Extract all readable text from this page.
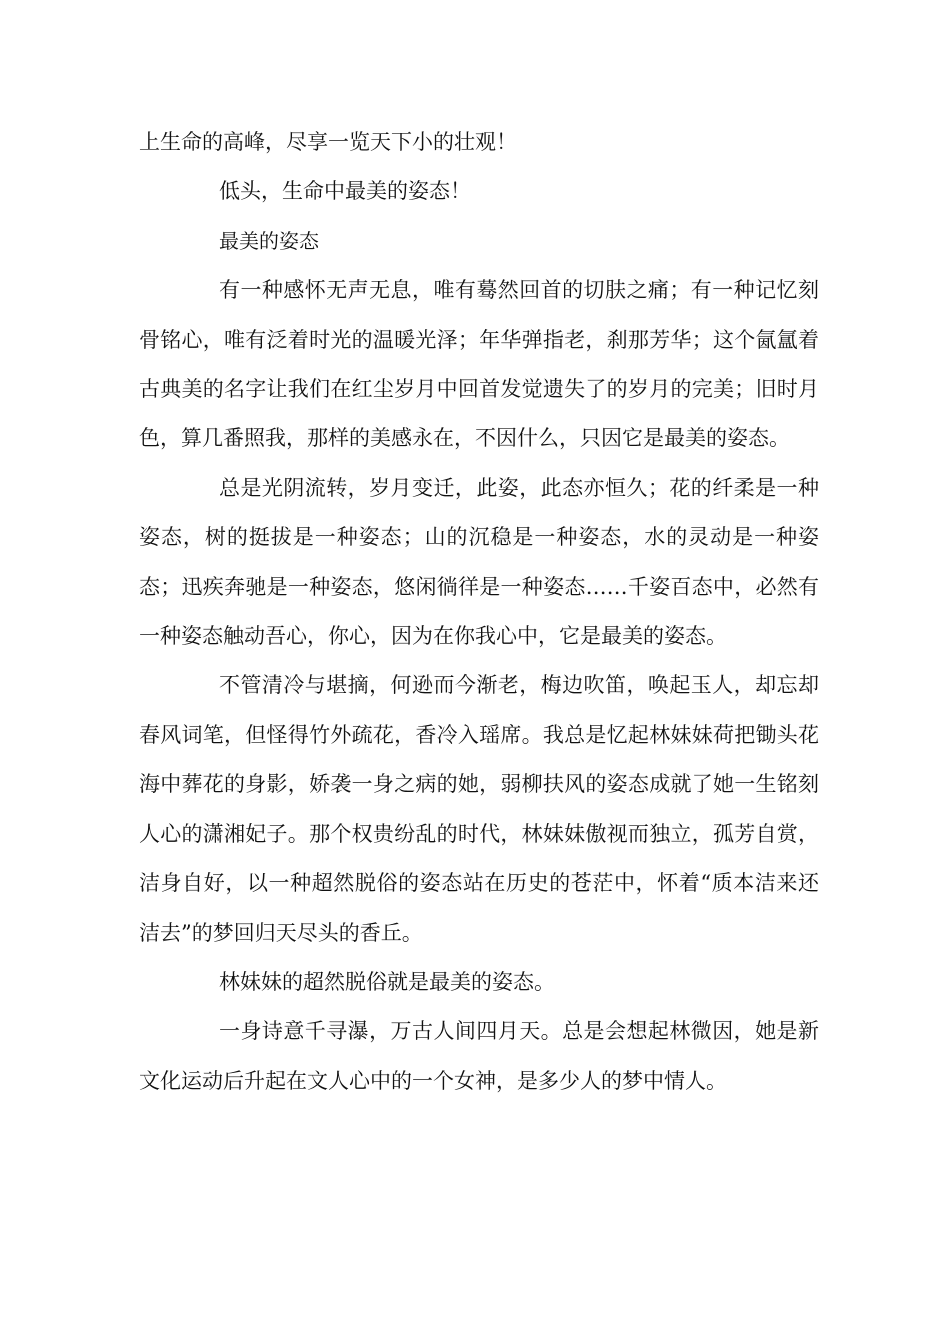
上生命的高峰，尽享一览天下小的壮观！

低头，生命中最美的姿态！

最美的姿态

有一种感怀无声无息，唯有蓦然回首的切肤之痛；有一种记忆刻骨铭心，唯有泛着时光的温暖光泽；年华弹指老，刹那芳华；这个氤氲着古典美的名字让我们在红尘岁月中回首发觉遗失了的岁月的完美；旧时月色，算几番照我，那样的美感永在，不因什么，只因它是最美的姿态。

总是光阴流转，岁月变迁，此姿，此态亦恒久；花的纤柔是一种姿态，树的挺拔是一种姿态；山的沉稳是一种姿态，水的灵动是一种姿态；迅疾奔驰是一种姿态，悠闲徜徉是一种姿态……千姿百态中，必然有一种姿态触动吾心，你心，因为在你我心中，它是最美的姿态。

不管清冷与堪摘，何逊而今渐老，梅边吹笛，唤起玉人，却忘却春风词笔，但怪得竹外疏花，香冷入瑶席。我总是忆起林妹妹荷把锄头花海中葬花的身影，娇袭一身之病的她，弱柳扶风的姿态成就了她一生铭刻人心的潇湘妃子。那个权贵纷乱的时代，林妹妹傲视而独立，孤芳自赏，洁身自好，以一种超然脱俗的姿态站在历史的苍茫中，怀着“质本洁来还洁去”的梦回归天尽头的香丘。

林妹妹的超然脱俗就是最美的姿态。

一身诗意千寻瀑，万古人间四月天。总是会想起林微因，她是新文化运动后升起在文人心中的一个女神，是多少人的梦中情人。
